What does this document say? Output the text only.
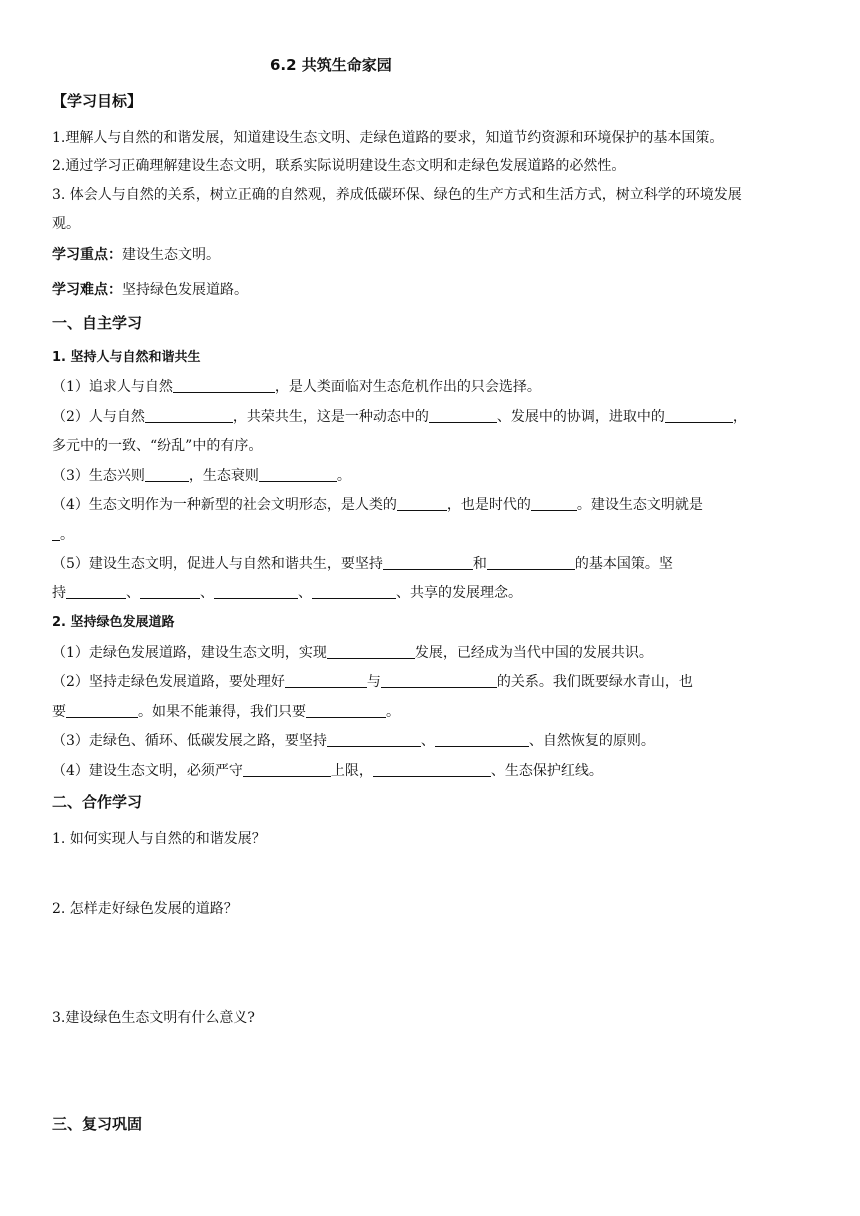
6.2 共筑生命家园
【学习目标】
1.理解人与自然的和谐发展，知道建设生态文明、走绿色道路的要求，知道节约资源和环境保护的基本国策。
2.通过学习正确理解建设生态文明，联系实际说明建设生态文明和走绿色发展道路的必然性。
3. 体会人与自然的关系，树立正确的自然观，养成低碳环保、绿色的生产方式和生活方式，树立科学的环境发展
观。
学习重点：建设生态文明。
学习难点：坚持绿色发展道路。
一、自主学习
1. 坚持人与自然和谐共生
（1）追求人与自然	，是人类面临对生态危机作出的只会选择。
（2）人与自然	，共荣共生，这是一种动态中的	、发展中的协调，进取中的	，
多元中的一致、“纷乱”中的有序。
（3）生态兴则	，生态衰则	。
（4）生态文明作为一种新型的社会文明形态，是人类的	，也是时代的	。建设生态文明就是
。
（5）建设生态文明，促进人与自然和谐共生，要坚持	和	的基本国策。坚
持	、	、	、	、共享的发展理念。
2. 坚持绿色发展道路
（1）走绿色发展道路，建设生态文明，实现	发展，已经成为当代中国的发展共识。
（2）坚持走绿色发展道路，要处理好	与	的关系。我们既要绿水青山，也
要	。如果不能兼得，我们只要	。
（3）走绿色、循环、低碳发展之路，要坚持	、	、自然恢复的原则。
（4）建设生态文明，必须严守	上限，	、生态保护红线。
二、合作学习
1. 如何实现人与自然的和谐发展？
2. 怎样走好绿色发展的道路？
3.建设绿色生态文明有什么意义?
三、复习巩固
